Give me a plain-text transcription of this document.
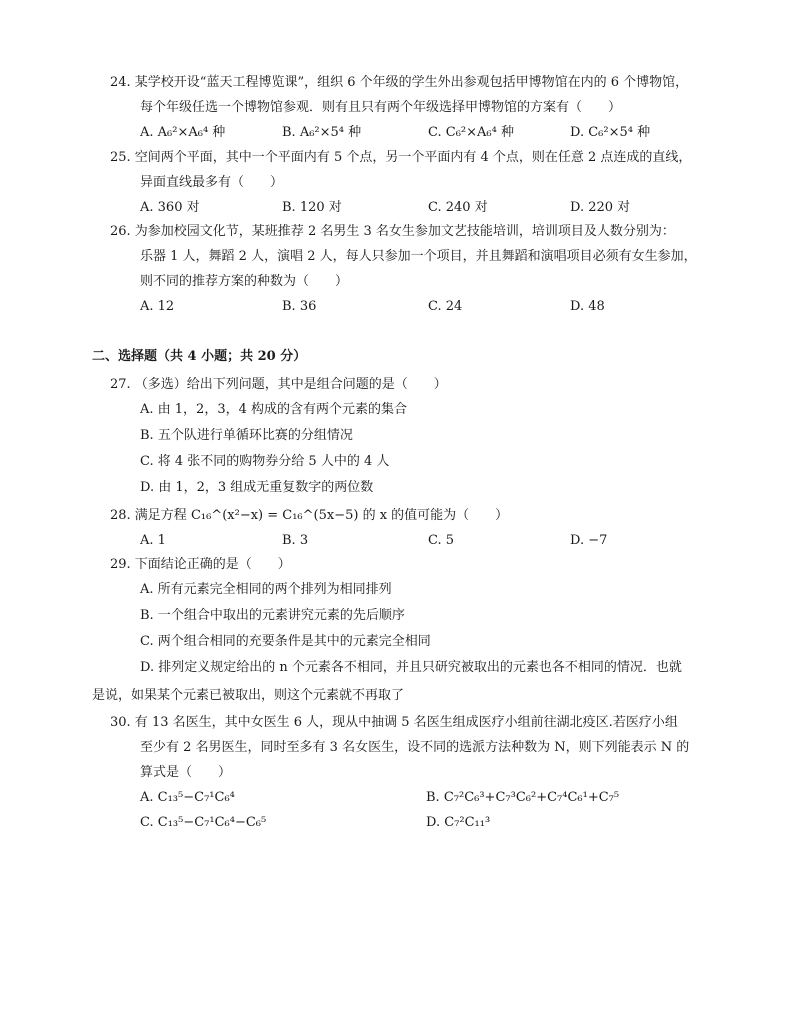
24. 某学校开设“蓝天工程博览课”，组织 6 个年级的学生外出参观包括甲博物馆在内的 6 个博物馆，
每个年级任选一个博物馆参观．则有且只有两个年级选择甲博物馆的方案有（　　）
A. A₆²×A₆⁴ 种	B. A₆²×5⁴ 种	C. C₆²×A₆⁴ 种	D. C₆²×5⁴ 种
25. 空间两个平面，其中一个平面内有 5 个点，另一个平面内有 4 个点，则在任意 2 点连成的直线，
异面直线最多有（　　）
A. 360 对	B. 120 对	C. 240 对	D. 220 对
26. 为参加校园文化节，某班推荐 2 名男生 3 名女生参加文艺技能培训，培训项目及人数分别为：
乐器 1 人，舞蹈 2 人，演唱 2 人，每人只参加一个项目，并且舞蹈和演唱项目必须有女生参加，
则不同的推荐方案的种数为（　　）
A. 12	B. 36	C. 24	D. 48
二、选择题（共 4 小题；共 20 分）
27. （多选）给出下列问题，其中是组合问题的是（　　）
A. 由 1，2，3，4 构成的含有两个元素的集合
B. 五个队进行单循环比赛的分组情况
C. 将 4 张不同的购物券分给 5 人中的 4 人
D. 由 1，2，3 组成无重复数字的两位数
28. 满足方程 C₁₆^(x²−x) = C₁₆^(5x−5) 的 x 的值可能为（　　）
A. 1	B. 3	C. 5	D. −7
29. 下面结论正确的是（　　）
A. 所有元素完全相同的两个排列为相同排列
B. 一个组合中取出的元素讲究元素的先后顺序
C. 两个组合相同的充要条件是其中的元素完全相同
D. 排列定义规定给出的 n 个元素各不相同，并且只研究被取出的元素也各不相同的情况．也就
是说，如果某个元素已被取出，则这个元素就不再取了
30. 有 13 名医生，其中女医生 6 人，现从中抽调 5 名医生组成医疗小组前往湖北疫区.若医疗小组
至少有 2 名男医生，同时至多有 3 名女医生，设不同的选派方法种数为 N，则下列能表示 N 的
算式是（　　）
A. C₁₃⁵−C₇¹C₆⁴	B. C₇²C₆³+C₇³C₆²+C₇⁴C₆¹+C₇⁵
C. C₁₃⁵−C₇¹C₆⁴−C₆⁵	D. C₇²C₁₁³
